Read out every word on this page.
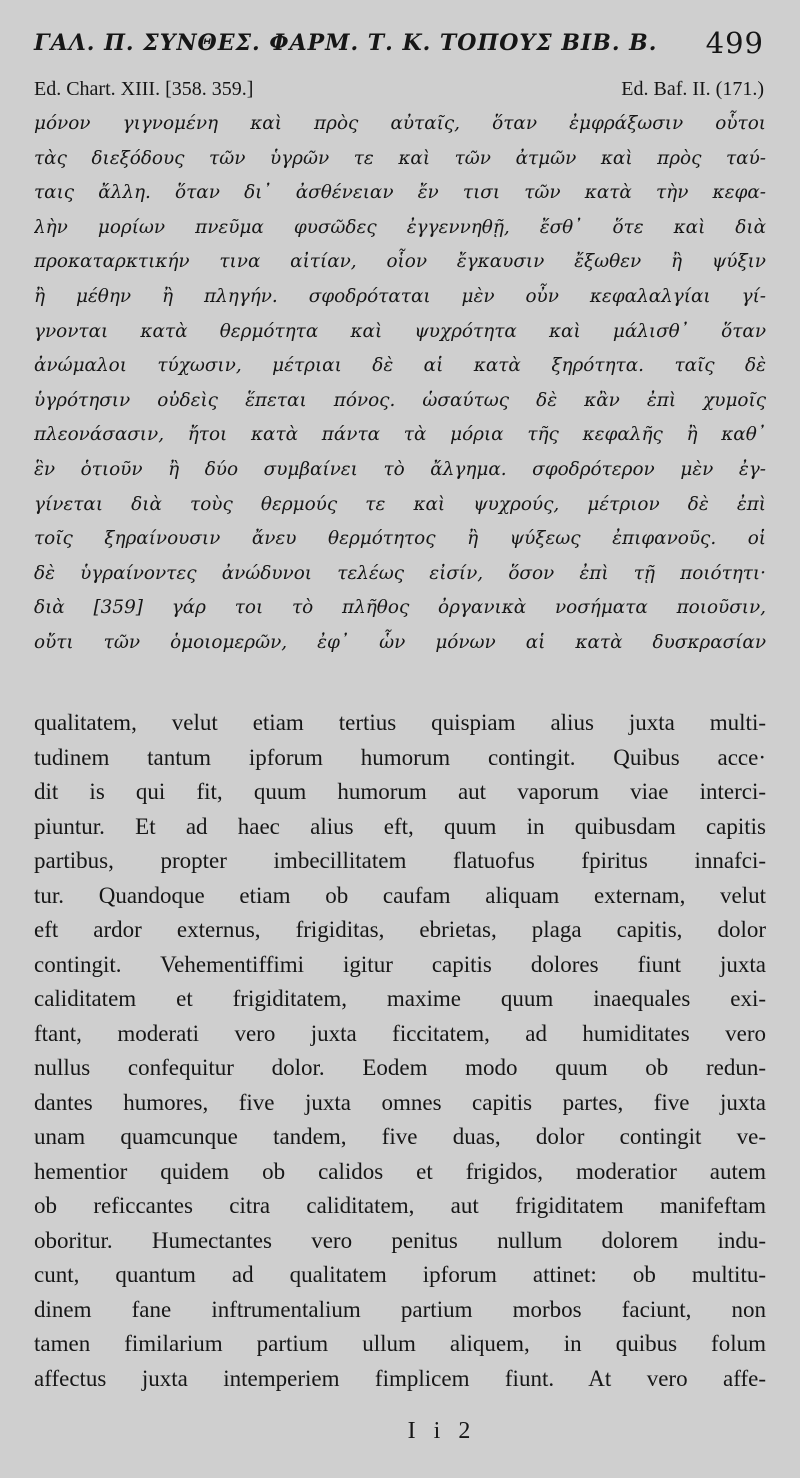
ΓΑΛ. Π. ΣΥΝΘΕΣ. ΦΑΡΜ. Τ. Κ. ΤΟΠΟΥΣ ΒΙΒ. Β. 499
Ed. Chart. XIII. [358. 359.]	Ed. Baf. II. (171.)
μόνον γιγνομένη καὶ πρὸς αὐταῖς, ὅταν ἐμφράξωσιν οὗτοι
τὰς διεξόδους τῶν ὑγρῶν τε καὶ τῶν ἀτμῶν καὶ πρὸς ταύ-
ταις ἄλλη. ὅταν δι᾽ ἀσθένειαν ἔν τισι τῶν κατὰ τὴν κεφα-
λὴν μορίων πνεῦμα φυσῶδες ἐγγεννηθῇ, ἔσθ᾽ ὅτε καὶ διὰ
προκαταρκτικήν τινα αἰτίαν, οἷον ἔγκαυσιν ἔξωθεν ἢ ψύξιν
ἢ μέθην ἢ πληγήν. σφοδρόταται μὲν οὖν κεφαλαλγίαι γί-
γνονται κατὰ θερμότητα καὶ ψυχρότητα καὶ μάλισθ᾽ ὅταν
ἀνώμαλοι τύχωσιν, μέτριαι δὲ αἱ κατὰ ξηρότητα. ταῖς δὲ
ὑγρότησιν οὐδεὶς ἕπεται πόνος. ὡσαύτως δὲ κἂν ἐπὶ χυμοῖς
πλεονάσασιν, ἤτοι κατὰ πάντα τὰ μόρια τῆς κεφαλῆς ἢ καθ᾽
ἓν ὁτιοῦν ἢ δύο συμβαίνει τὸ ἄλγημα. σφοδρότερον μὲν ἐγ-
γίνεται διὰ τοὺς θερμούς τε καὶ ψυχρούς, μέτριον δὲ ἐπὶ
τοῖς ξηραίνουσιν ἄνευ θερμότητος ἢ ψύξεως ἐπιφανοῦς. οἱ
δὲ ὑγραίνοντες ἀνώδυνοι τελέως εἰσίν, ὅσον ἐπὶ τῇ ποιότητι·
διὰ [359] γάρ τοι τὸ πλῆθος ὀργανικὰ νοσήματα ποιοῦσιν,
οὔτι τῶν ὁμοιομερῶν, ἐφ᾽ ὧν μόνων αἱ κατὰ δυσκρασίαν
qualitatem, velut etiam tertius quispiam alius juxta multi-
tudinem tantum ipforum humorum contingit. Quibus acce·
dit is qui fit, quum humorum aut vaporum viae interci-
piuntur. Et ad haec alius eft, quum in quibusdam capitis
partibus, propter imbecillitatem flatuofus fpiritus innafci-
tur. Quandoque etiam ob caufam aliquam externam, velut
eft ardor externus, frigiditas, ebrietas, plaga capitis, dolor
contingit. Vehementiffimi igitur capitis dolores fiunt juxta
caliditatem et frigiditatem, maxime quum inaequales exi-
ftant, moderati vero juxta ficcitatem, ad humiditates vero
nullus confequitur dolor. Eodem modo quum ob redun-
dantes humores, five juxta omnes capitis partes, five juxta
unam quamcunque tandem, five duas, dolor contingit ve-
hementior quidem ob calidos et frigidos, moderatior autem
ob reficcantes citra caliditatem, aut frigiditatem manifeftam
oboritur. Humectantes vero penitus nullum dolorem indu-
cunt, quantum ad qualitatem ipforum attinet: ob multitu-
dinem fane inftrumentalium partium morbos faciunt, non
tamen fimilarium partium ullum aliquem, in quibus folum
affectus juxta intemperiem fimplicem fiunt. At vero affe-
I i 2
